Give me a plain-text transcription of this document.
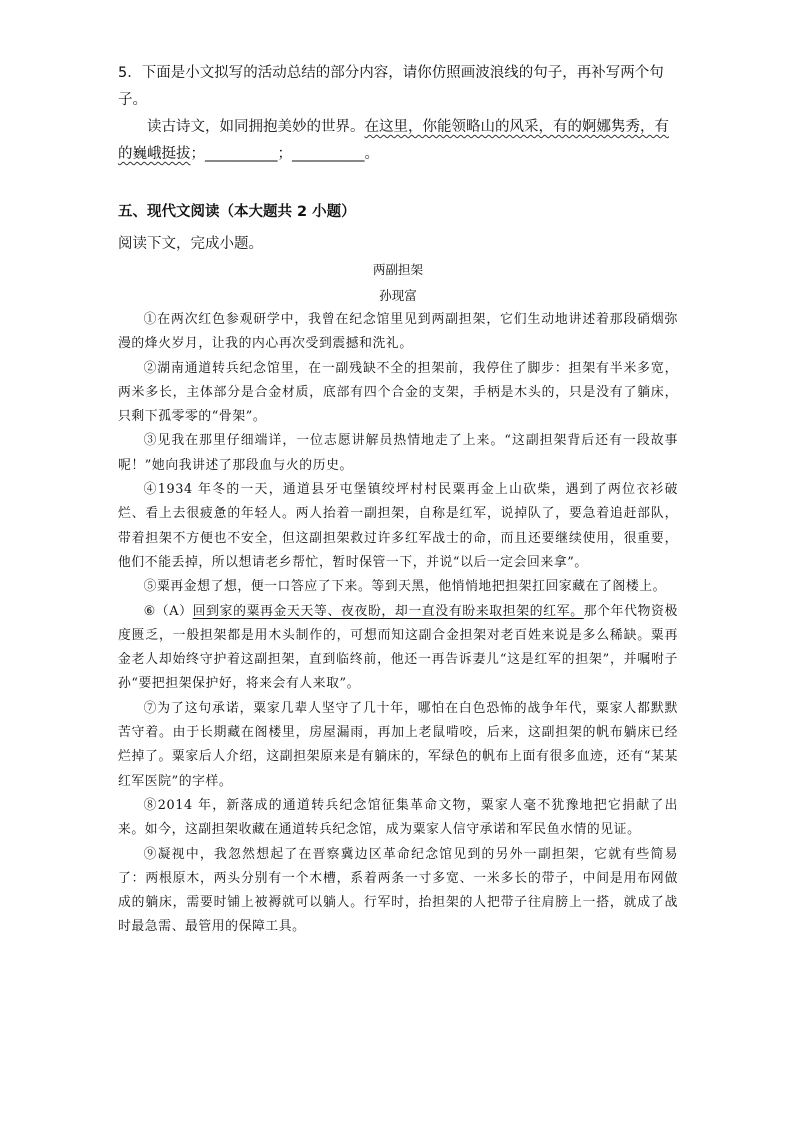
5．下面是小文拟写的活动总结的部分内容，请你仿照画波浪线的句子，再补写两个句子。

读古诗文，如同拥抱美妙的世界。在这里，你能领略山的风采，有的婀娜隽秀，有的巍峨挺拔；__________；__________。

五、现代文阅读（本大题共 2 小题）

阅读下文，完成小题。

两副担架

孙现富

①在两次红色参观研学中，我曾在纪念馆里见到两副担架，它们生动地讲述着那段硝烟弥漫的烽火岁月，让我的内心再次受到震撼和洗礼。

②湖南通道转兵纪念馆里，在一副残缺不全的担架前，我停住了脚步：担架有半米多宽，两米多长，主体部分是合金材质，底部有四个合金的支架，手柄是木头的，只是没有了躺床，只剩下孤零零的“骨架”。

③见我在那里仔细端详，一位志愿讲解员热情地走了上来。“这副担架背后还有一段故事呢！”她向我讲述了那段血与火的历史。

④1934 年冬的一天，通道县牙屯堡镇绞坪村村民粟再金上山砍柴，遇到了两位衣衫破烂、看上去很疲惫的年轻人。两人抬着一副担架，自称是红军，说掉队了，要急着追赶部队，带着担架不方便也不安全，但这副担架救过许多红军战士的命，而且还要继续使用，很重要，他们不能丢掉，所以想请老乡帮忙，暂时保管一下，并说“以后一定会回来拿”。

⑤粟再金想了想，便一口答应了下来。等到天黑，他悄悄地把担架扛回家藏在了阁楼上。

⑥（A）回到家的粟再金天天等、夜夜盼，却一直没有盼来取担架的红军。那个年代物资极度匮乏，一般担架都是用木头制作的，可想而知这副合金担架对老百姓来说是多么稀缺。粟再金老人却始终守护着这副担架，直到临终前，他还一再告诉妻儿“这是红军的担架”，并嘱咐子孙“要把担架保护好，将来会有人来取”。

⑦为了这句承诺，粟家几辈人坚守了几十年，哪怕在白色恐怖的战争年代，粟家人都默默苦守着。由于长期藏在阁楼里，房屋漏雨，再加上老鼠啃咬，后来，这副担架的帆布躺床已经烂掉了。粟家后人介绍，这副担架原来是有躺床的，军绿色的帆布上面有很多血迹，还有“某某红军医院”的字样。

⑧2014 年，新落成的通道转兵纪念馆征集革命文物，粟家人毫不犹豫地把它捐献了出来。如今，这副担架收藏在通道转兵纪念馆，成为粟家人信守承诺和军民鱼水情的见证。

⑨凝视中，我忽然想起了在晋察冀边区革命纪念馆见到的另外一副担架，它就有些简易了：两根原木，两头分别有一个木槽，系着两条一寸多宽、一米多长的带子，中间是用布网做成的躺床，需要时铺上被褥就可以躺人。行军时，抬担架的人把带子往肩膀上一搭，就成了战时最急需、最管用的保障工具。
